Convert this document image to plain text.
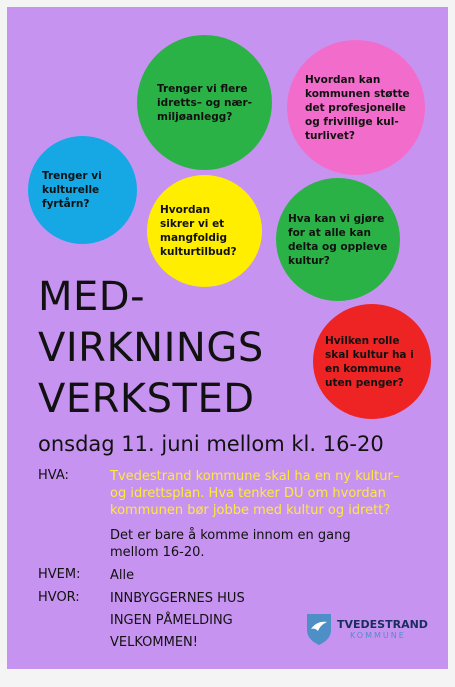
Trenger vi flere
idretts– og nær-
miljøanlegg?
Hvordan kan
kommunen støtte
det profesjonelle
og frivillige kul-
turlivet?
Trenger vi
kulturelle
fyrtårn?	Hvordan
sikrer vi et
mangfoldig
kulturtilbud?
Hva kan vi gjøre
for at alle kan
delta og oppleve
kultur?
Hvilken rolle
skal kultur ha i
en kommune
uten penger?
MED-
VIRKNINGS
VERKSTED
onsdag 11. juni mellom kl. 16-20
HVA:	Tvedestrand kommune skal ha en ny kultur–
og idrettsplan. Hva tenker DU om hvordan
kommunen bør jobbe med kultur og idrett?
Det er bare å komme innom en gang
mellom 16-20.
HVEM: Alle
HVOR: INNBYGGERNES HUS
INGEN PÅMELDING
VELKOMMEN!
TVEDESTRAND
KOMMUNE
